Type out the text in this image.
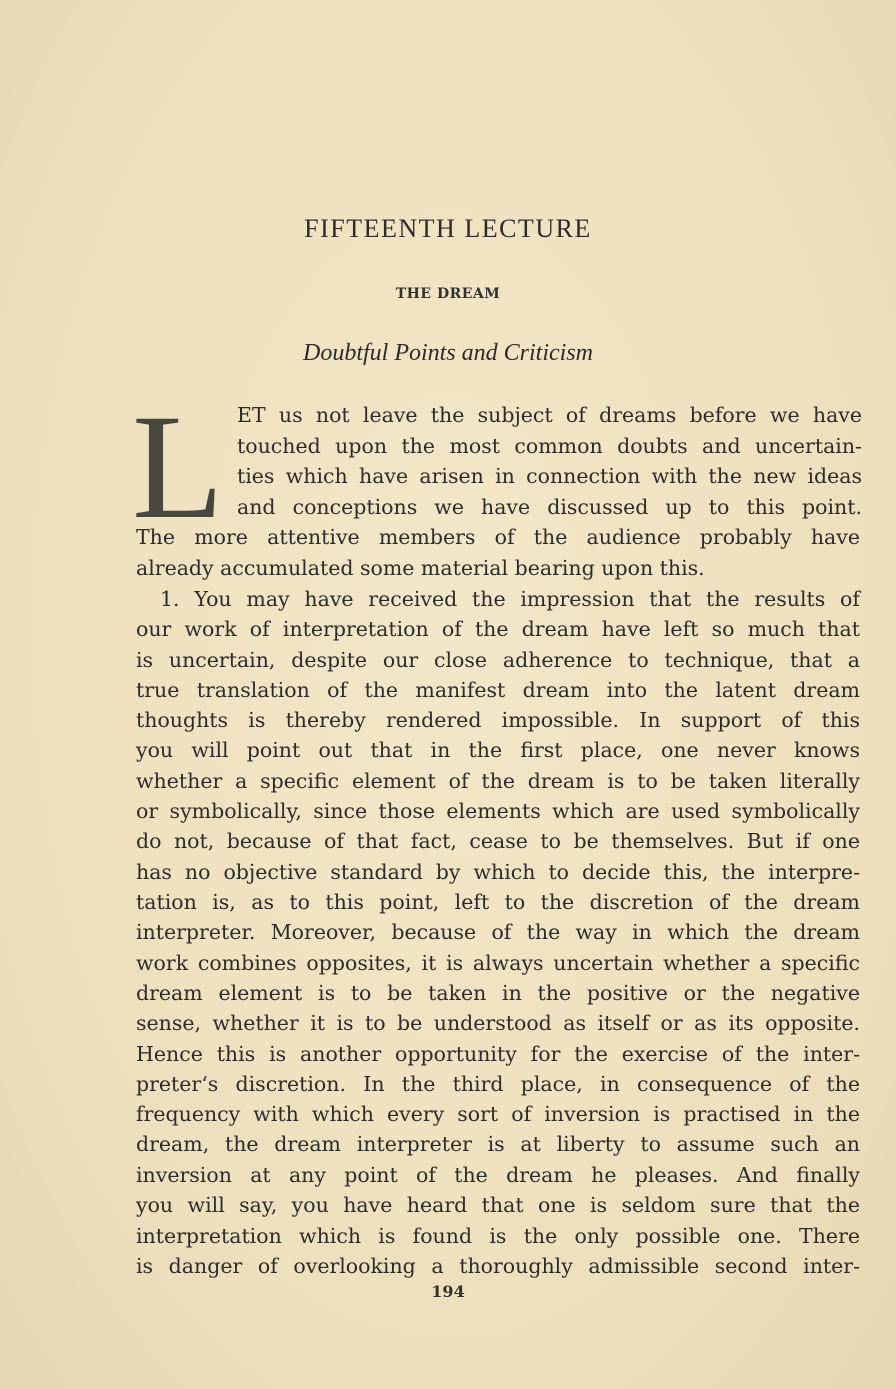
FIFTEENTH LECTURE
THE DREAM
Doubtful Points and Criticism
L ET us not leave the subject of dreams before we have
touched upon the most common doubts and uncertain-
ties which have arisen in connection with the new ideas
and conceptions we have discussed up to this point.
The more attentive members of the audience probably have
already accumulated some material bearing upon this.
1. You may have received the impression that the results of
our work of interpretation of the dream have left so much that
is uncertain, despite our close adherence to technique, that a
true translation of the manifest dream into the latent dream
thoughts is thereby rendered impossible. In support of this
you will point out that in the first place, one never knows
whether a specific element of the dream is to be taken literally
or symbolically, since those elements which are used symbolically
do not, because of that fact, cease to be themselves. But if one
has no objective standard by which to decide this, the interpre-
tation is, as to this point, left to the discretion of the dream
interpreter. Moreover, because of the way in which the dream
work combines opposites, it is always uncertain whether a specific
dream element is to be taken in the positive or the negative
sense, whether it is to be understood as itself or as its opposite.
Hence this is another opportunity for the exercise of the inter-
preter‘s discretion. In the third place, in consequence of the
frequency with which every sort of inversion is practised in the
dream, the dream interpreter is at liberty to assume such an
inversion at any point of the dream he pleases. And finally
you will say, you have heard that one is seldom sure that the
interpretation which is found is the only possible one. There
is danger of overlooking a thoroughly admissible second inter-
194
